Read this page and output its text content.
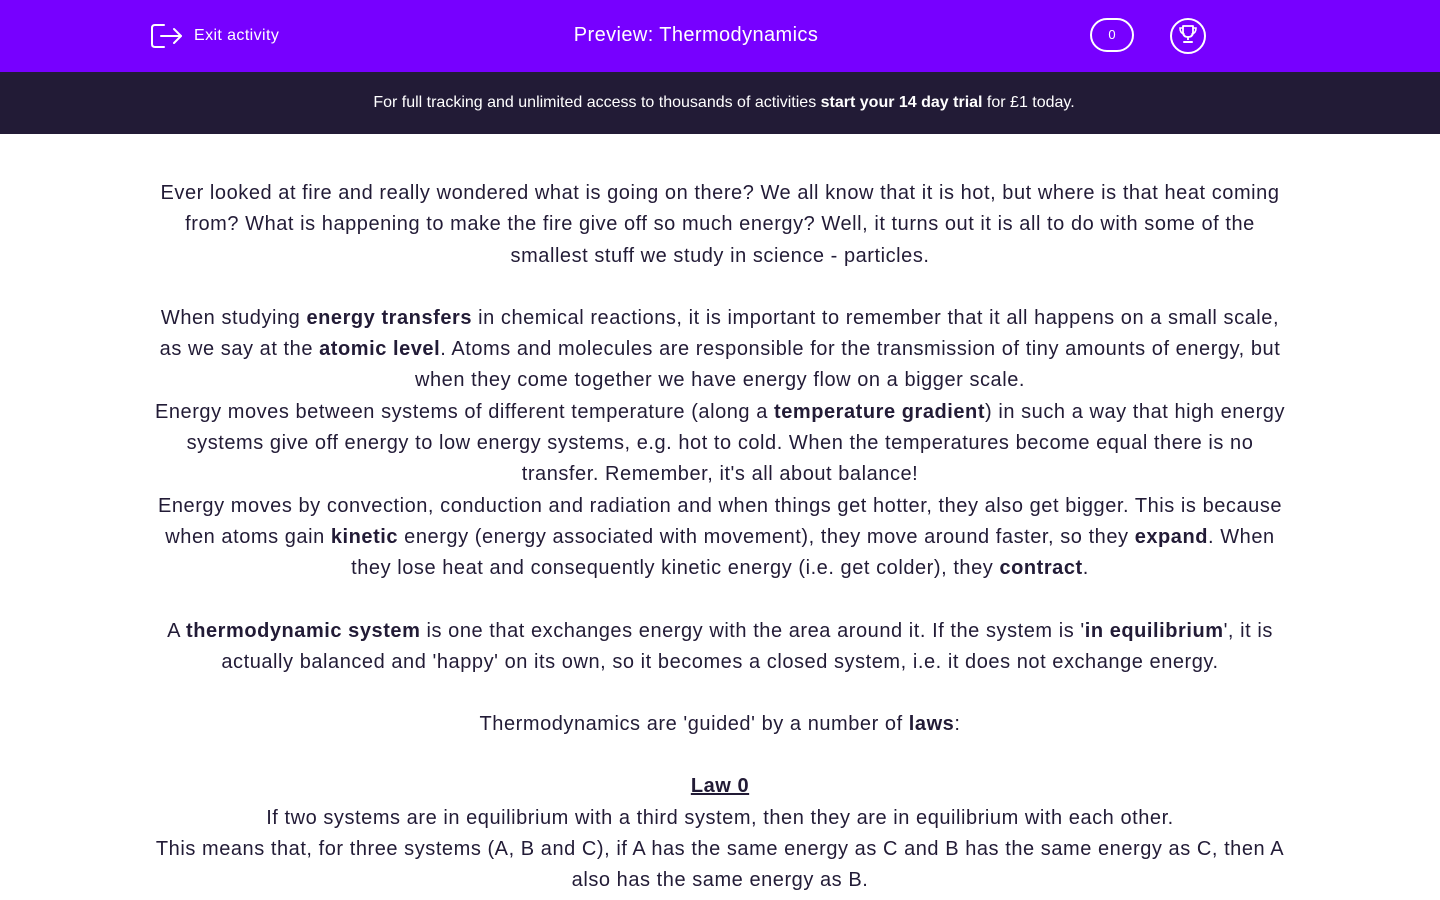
Exit activity	Preview: Thermodynamics	0
For full tracking and unlimited access to thousands of activities start your 14 day trial for £1 today.

Ever looked at fire and really wondered what is going on there? We all know that it is hot, but where is that heat coming from? What is happening to make the fire give off so much energy? Well, it turns out it is all to do with some of the smallest stuff we study in science - particles.

When studying energy transfers in chemical reactions, it is important to remember that it all happens on a small scale, as we say at the atomic level. Atoms and molecules are responsible for the transmission of tiny amounts of energy, but when they come together we have energy flow on a bigger scale.

Energy moves between systems of different temperature (along a temperature gradient) in such a way that high energy systems give off energy to low energy systems, e.g. hot to cold. When the temperatures become equal there is no transfer. Remember, it's all about balance!

Energy moves by convection, conduction and radiation and when things get hotter, they also get bigger. This is because when atoms gain kinetic energy (energy associated with movement), they move around faster, so they expand. When they lose heat and consequently kinetic energy (i.e. get colder), they contract.

A thermodynamic system is one that exchanges energy with the area around it. If the system is 'in equilibrium', it is actually balanced and 'happy' on its own, so it becomes a closed system, i.e. it does not exchange energy.

Thermodynamics are 'guided' by a number of laws:

Law 0

If two systems are in equilibrium with a third system, then they are in equilibrium with each other.

This means that, for three systems (A, B and C), if A has the same energy as C and B has the same energy as C, then A also has the same energy as B.
